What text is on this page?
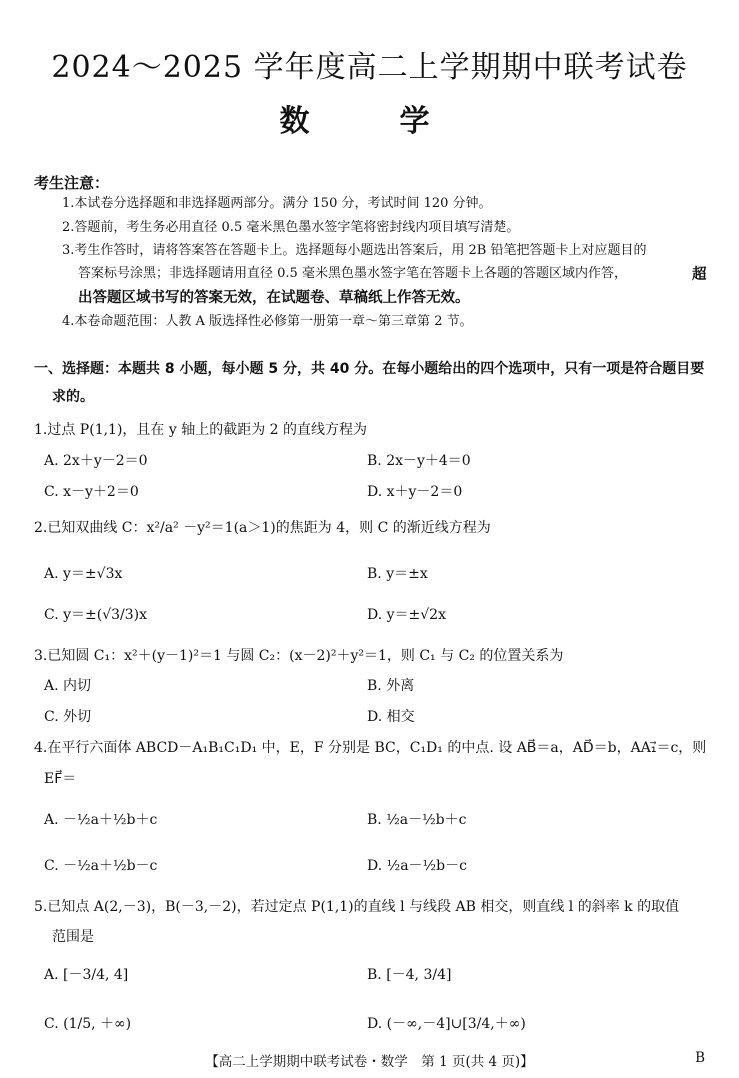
2024～2025 学年度高二上学期期中联考试卷
数　学
考生注意：
1.本试卷分选择题和非选择题两部分。满分 150 分，考试时间 120 分钟。
2.答题前，考生务必用直径 0.5 毫米黑色墨水签字笔将密封线内项目填写清楚。
3.考生作答时，请将答案答在答题卡上。选择题每小题选出答案后，用 2B 铅笔把答题卡上对应题目的
答案标号涂黑；非选择题请用直径 0.5 毫米黑色墨水签字笔在答题卡上各题的答题区域内作答，	超
出答题区域书写的答案无效，在试题卷、草稿纸上作答无效。
4.本卷命题范围：人教 A 版选择性必修第一册第一章～第三章第 2 节。
一、选择题：本题共 8 小题，每小题 5 分，共 40 分。在每小题给出的四个选项中，只有一项是符合题目要
求的。
1.过点 P(1,1)，且在 y 轴上的截距为 2 的直线方程为
A. 2x＋y－2＝0	B. 2x－y＋4＝0
C. x－y＋2＝0	D. x＋y－2＝0
2.已知双曲线 C：x²/a² －y²＝1(a＞1)的焦距为 4，则 C 的渐近线方程为
A. y＝±√3x	B. y＝±x
C. y＝±(√3/3)x	D. y＝±√2x
3.已知圆 C₁：x²＋(y－1)²＝1 与圆 C₂：(x－2)²＋y²＝1，则 C₁ 与 C₂ 的位置关系为
A. 内切	B. 外离
C. 外切	D. 相交
4.在平行六面体 ABCD－A₁B₁C₁D₁ 中，E，F 分别是 BC，C₁D₁ 的中点. 设 AB⃗＝a，AD⃗＝b，AA₁⃗＝c，则
EF⃗＝
A. －½a＋½b＋c	B. ½a－½b＋c
C. －½a＋½b－c	D. ½a－½b－c
5.已知点 A(2,－3)，B(－3,－2)，若过定点 P(1,1)的直线 l 与线段 AB 相交，则直线 l 的斜率 k 的取值
范围是
A. [－3/4, 4]	B. [－4, 3/4]
C. (1/5, ＋∞)	D. (－∞,－4]∪[3/4,＋∞)
【高二上学期期中联考试卷・数学　第 1 页(共 4 页)】	B
